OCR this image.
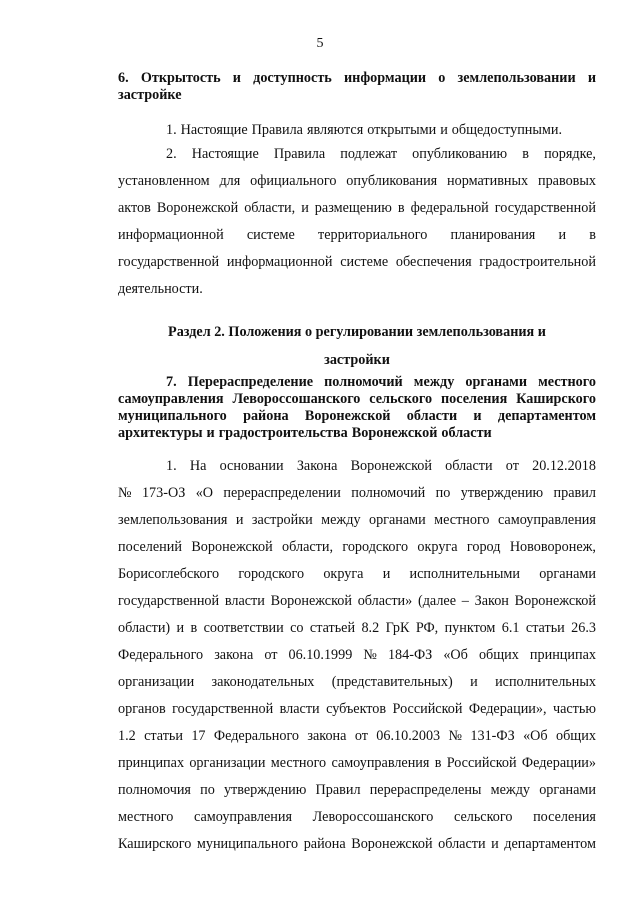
5
6. Открытость и доступность информации о землепользовании и
застройке
1. Настоящие Правила являются открытыми и общедоступными.
2. Настоящие Правила подлежат опубликованию в порядке,
установленном для официального опубликования нормативных правовых
актов Воронежской области, и размещению в федеральной государственной
информационной системе территориального планирования и в
государственной информационной системе обеспечения градостроительной
деятельности.
Раздел 2. Положения о регулировании землепользования и
застройки
7. Перераспределение полномочий между органами местного
самоуправления Левороссошанского сельского поселения Каширского
муниципального района Воронежской области и департаментом
архитектуры и градостроительства Воронежской области
1. На основании Закона Воронежской области от 20.12.2018
№ 173-ОЗ «О перераспределении полномочий по утверждению правил
землепользования и застройки между органами местного самоуправления
поселений Воронежской области, городского округа город Нововоронеж,
Борисоглебского городского округа и исполнительными органами
государственной власти Воронежской области» (далее – Закон Воронежской
области) и в соответствии со статьей 8.2 ГрК РФ, пунктом 6.1 статьи 26.3
Федерального закона от 06.10.1999 № 184-ФЗ «Об общих принципах
организации законодательных (представительных) и исполнительных
органов государственной власти субъектов Российской Федерации», частью
1.2 статьи 17 Федерального закона от 06.10.2003 № 131-ФЗ «Об общих
принципах организации местного самоуправления в Российской Федерации»
полномочия по утверждению Правил перераспределены между органами
местного самоуправления Левороссошанского сельского поселения
Каширского муниципального района Воронежской области и департаментом
